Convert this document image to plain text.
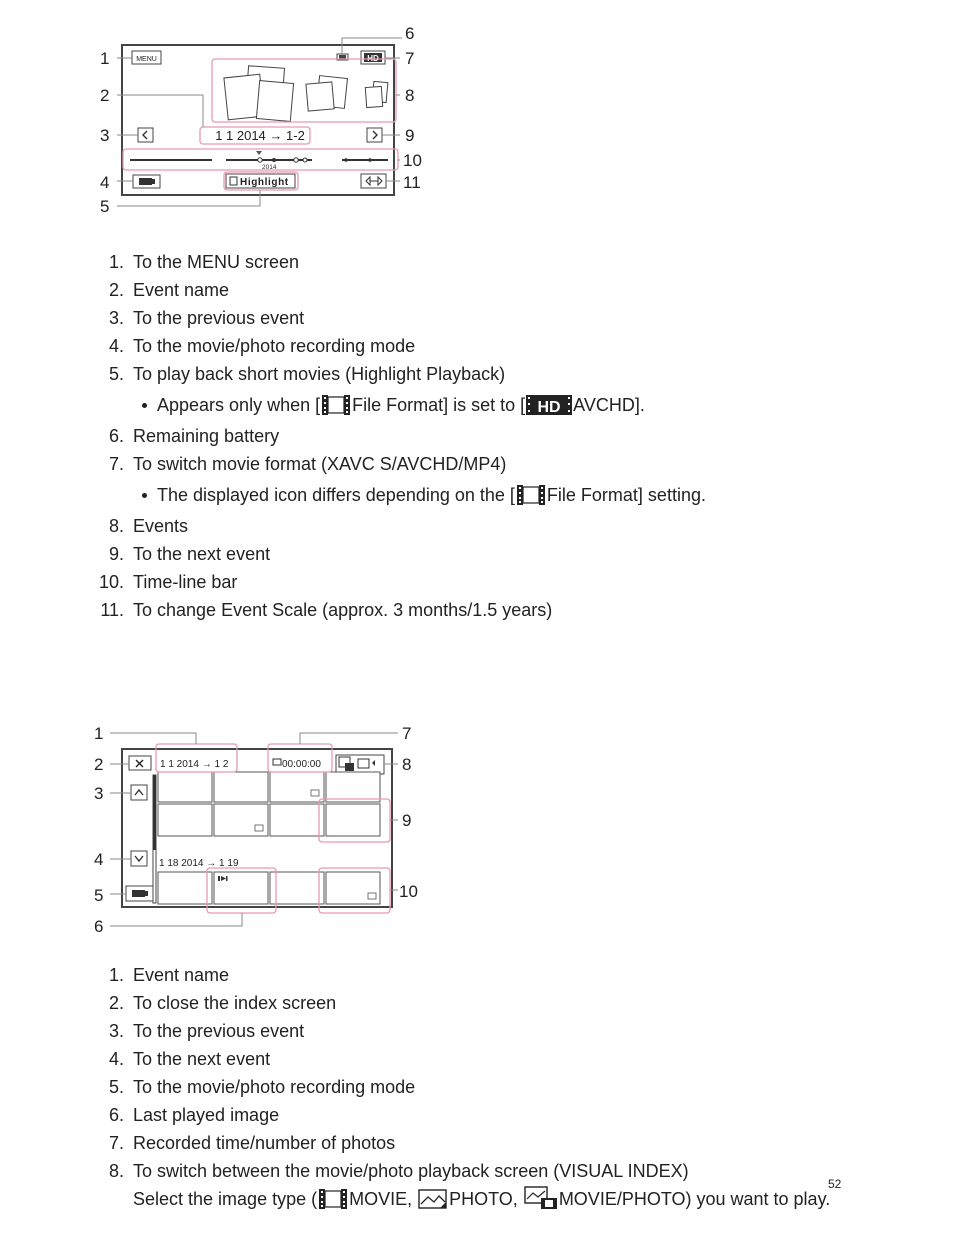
MENU	HD
1 1 2014 → 1-2
2014
Highlight
1
2
3
4
5
6
7
8
9
10
11
1. To the MENU screen
2. Event name
3. To the previous event
4. To the movie/photo recording mode
5. To play back short movies (Highlight Playback)
Appears only when [ File Format] is set to [ HD AVCHD].
6. Remaining battery
7. To switch movie format (XAVC S/AVCHD/MP4)
The displayed icon differs depending on the [ File Format] setting.
8. Events
9. To the next event
10. Time-line bar
11. To change Event Scale (approx. 3 months/1.5 years)
1 1 2014 → 1 2	00:00:00
1 18 2014 → 1 19
1
2
3
4
5
6
7
8
9
10
1. Event name
2. To close the index screen
3. To the previous event
4. To the next event
5. To the movie/photo recording mode
6. Last played image
7. Recorded time/number of photos
8. To switch between the movie/photo playback screen (VISUAL INDEX)
Select the image type ( MOVIE, PHOTO, MOVIE/PHOTO) you want to play.
52
